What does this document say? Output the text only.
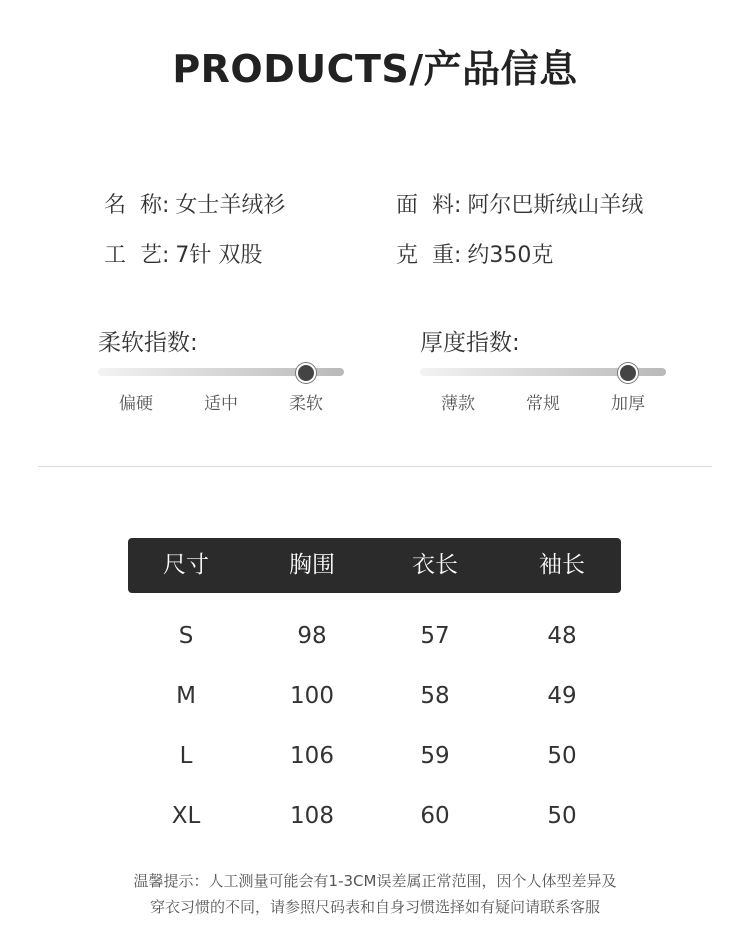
PRODUCTS/产品信息
名  称: 女士羊绒衫	面  料: 阿尔巴斯绒山羊绒
工  艺: 7针 双股	克  重: 约350克
柔软指数:
偏硬	适中	柔软
厚度指数:
薄款	常规	加厚
尺寸	胸围	衣长	袖长
S	98	57	48
M	100	58	49
L	106	59	50
XL	108	60	50
温馨提示：人工测量可能会有1-3CM误差属正常范围，因个人体型差异及
穿衣习惯的不同，请参照尺码表和自身习惯选择如有疑问请联系客服
